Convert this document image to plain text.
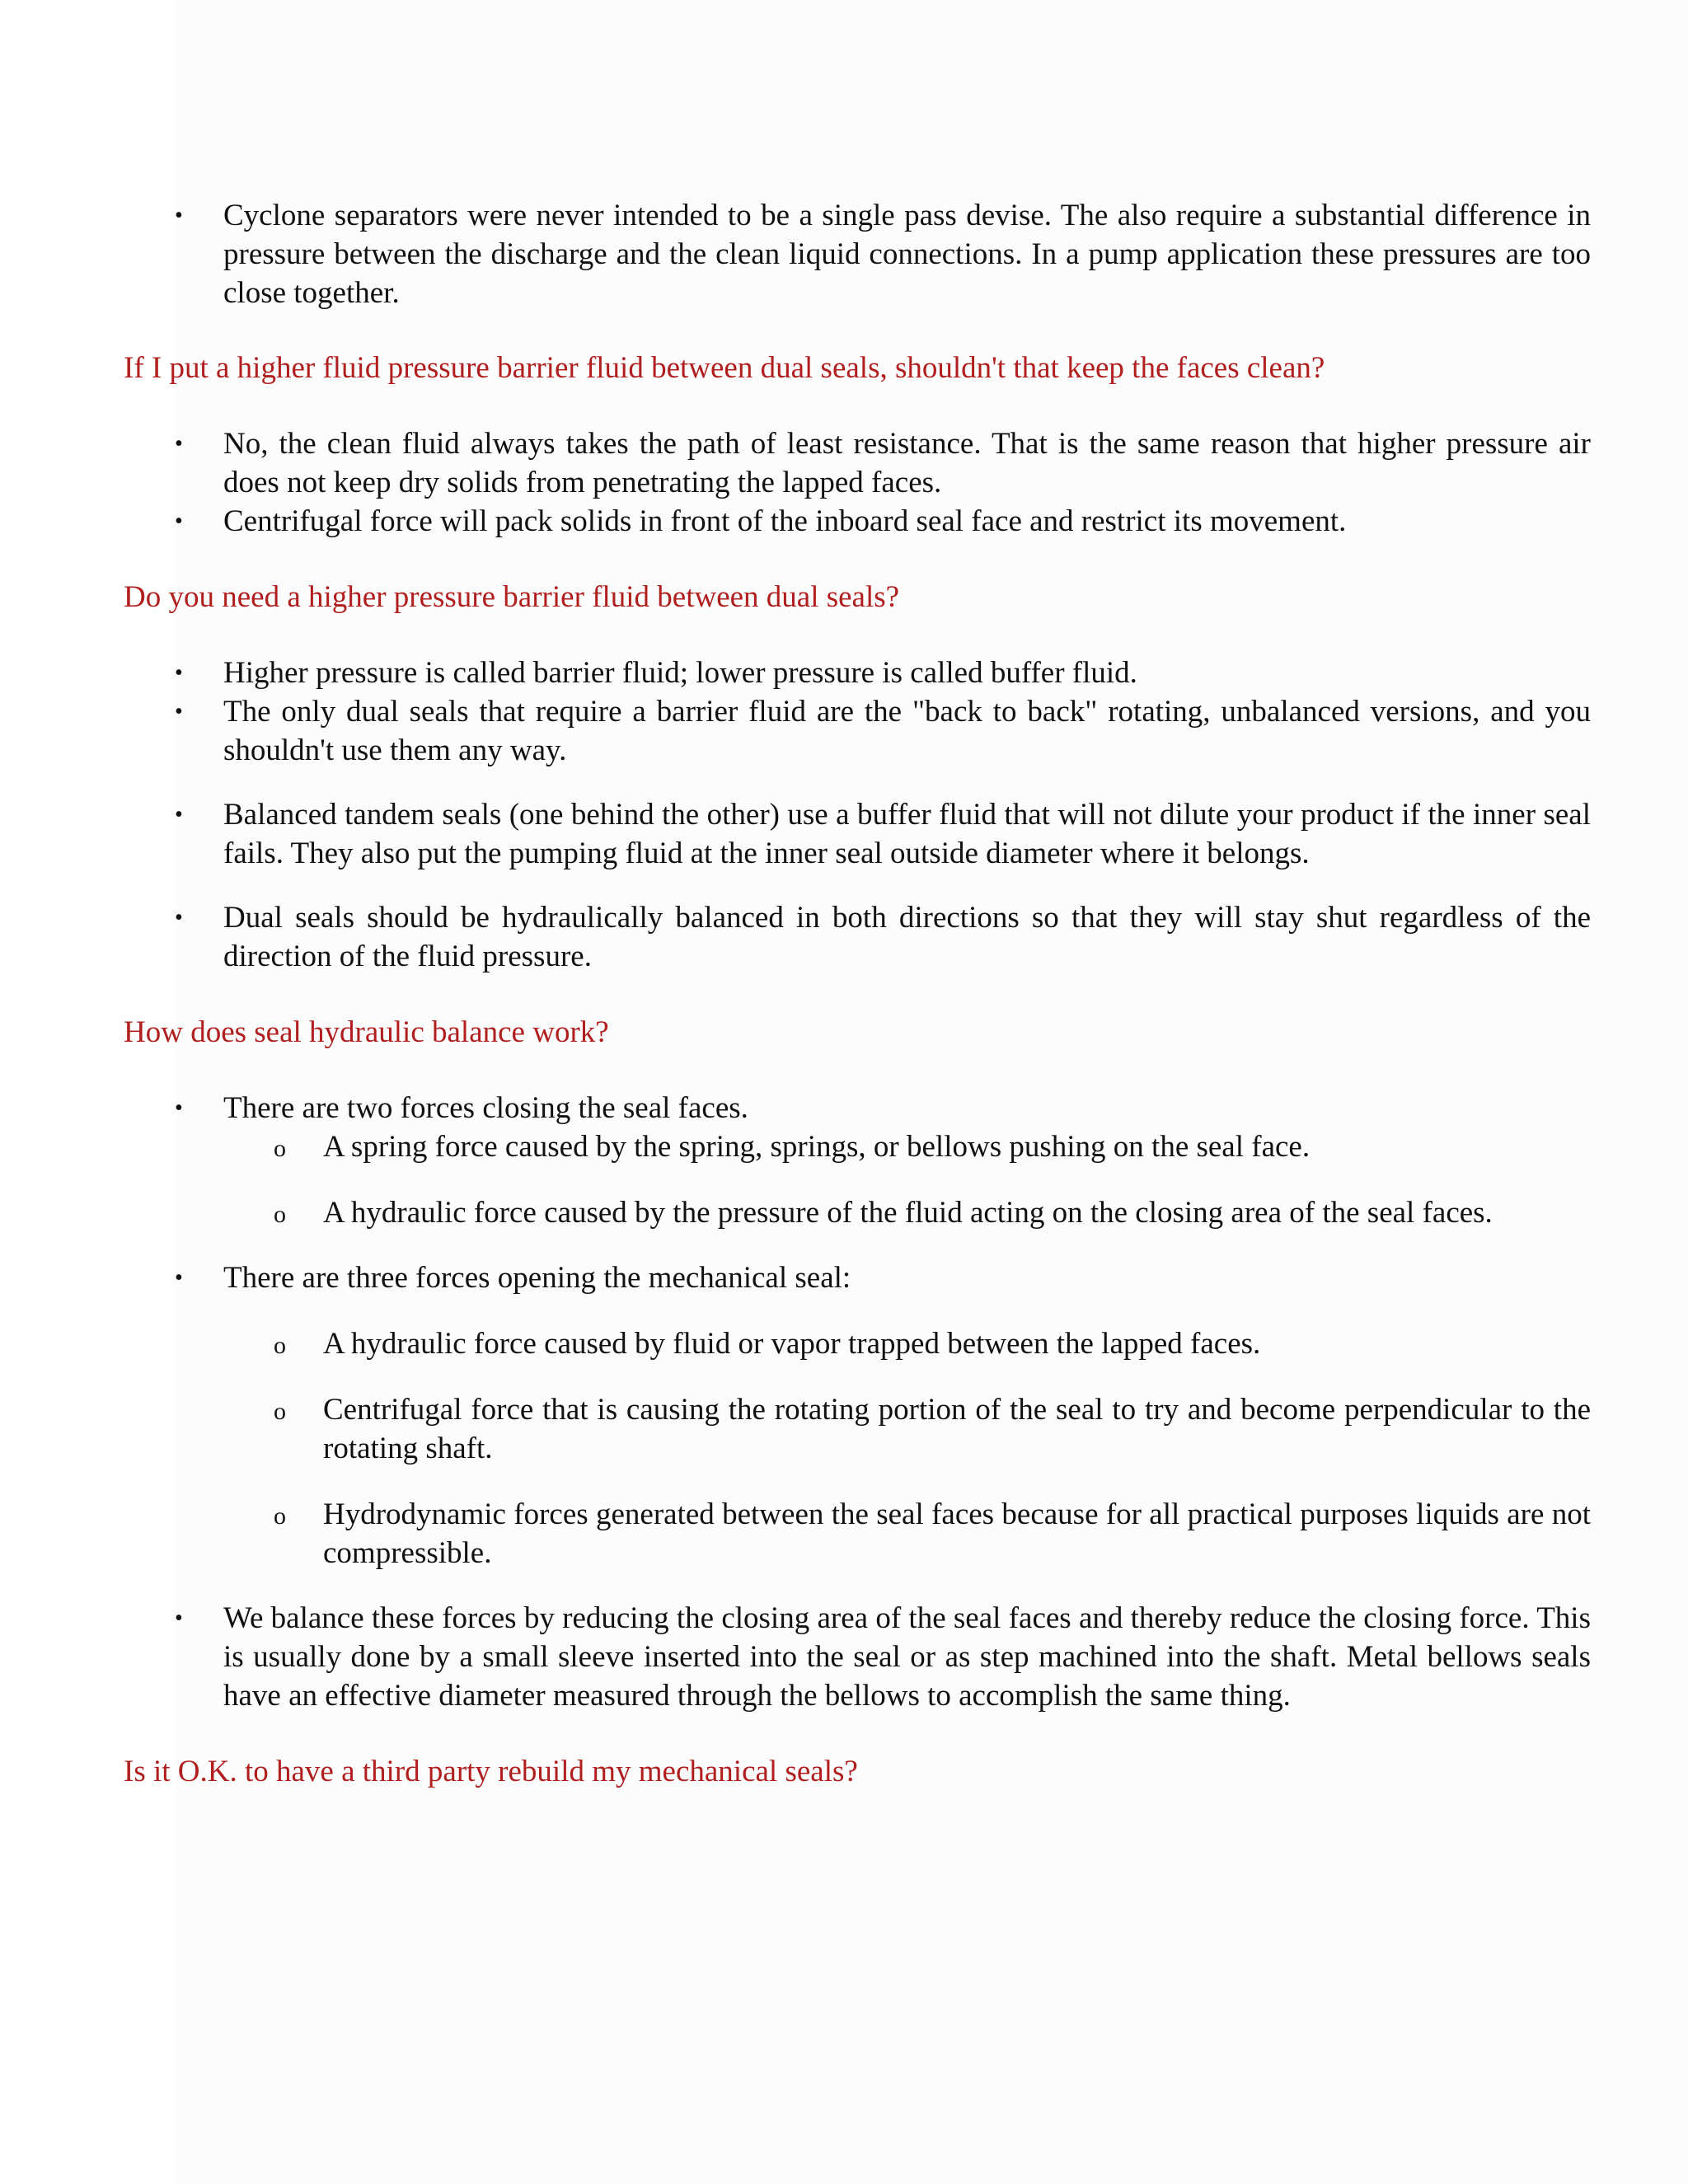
• Cyclone separators were never intended to be a single pass devise. The also require a substantial difference in pressure between the discharge and the clean liquid connections. In a pump application these pressures are too close together.

If I put a higher fluid pressure barrier fluid between dual seals, shouldn't that keep the faces clean?

• No, the clean fluid always takes the path of least resistance. That is the same reason that higher pressure air does not keep dry solids from penetrating the lapped faces.
• Centrifugal force will pack solids in front of the inboard seal face and restrict its movement.

Do you need a higher pressure barrier fluid between dual seals?

• Higher pressure is called barrier fluid; lower pressure is called buffer fluid.
• The only dual seals that require a barrier fluid are the "back to back" rotating, unbalanced versions, and you shouldn't use them any way.
• Balanced tandem seals (one behind the other) use a buffer fluid that will not dilute your product if the inner seal fails. They also put the pumping fluid at the inner seal outside diameter where it belongs.
• Dual seals should be hydraulically balanced in both directions so that they will stay shut regardless of the direction of the fluid pressure.

How does seal hydraulic balance work?

• There are two forces closing the seal faces.
o A spring force caused by the spring, springs, or bellows pushing on the seal face.
o A hydraulic force caused by the pressure of the fluid acting on the closing area of the seal faces.
• There are three forces opening the mechanical seal:
o A hydraulic force caused by fluid or vapor trapped between the lapped faces.
o Centrifugal force that is causing the rotating portion of the seal to try and become perpendicular to the rotating shaft.
o Hydrodynamic forces generated between the seal faces because for all practical purposes liquids are not compressible.
• We balance these forces by reducing the closing area of the seal faces and thereby reduce the closing force. This is usually done by a small sleeve inserted into the seal or as step machined into the shaft. Metal bellows seals have an effective diameter measured through the bellows to accomplish the same thing.

Is it O.K. to have a third party rebuild my mechanical seals?
